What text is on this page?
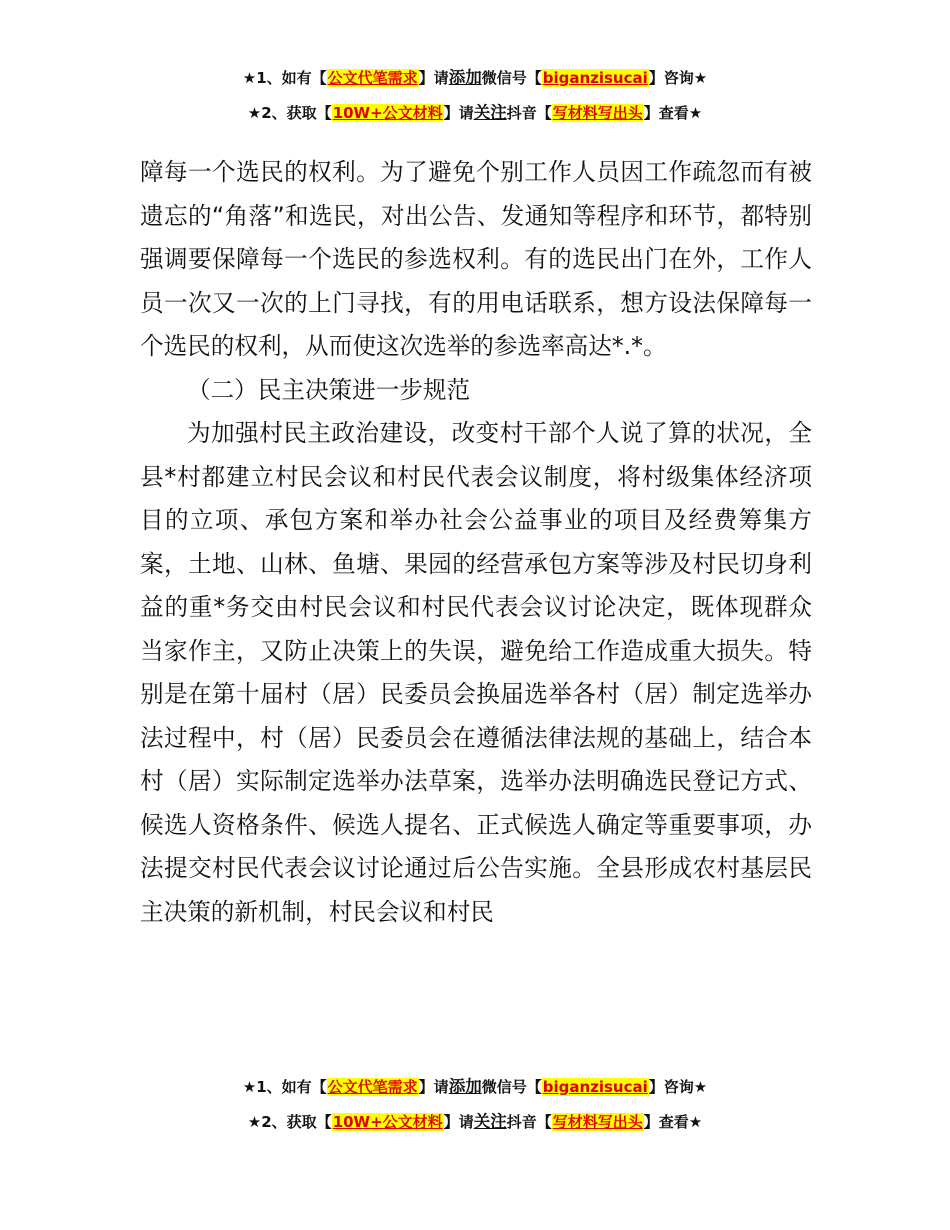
★1、如有【公文代笔需求】请添加微信号【biganzisucai】咨询★
★2、获取【10W+公文材料】请关注抖音【写材料写出头】查看★

障每一个选民的权利。为了避免个别工作人员因工作疏忽而有被遗忘的“角落”和选民，对出公告、发通知等程序和环节，都特别强调要保障每一个选民的参选权利。有的选民出门在外，工作人员一次又一次的上门寻找，有的用电话联系，想方设法保障每一个选民的权利，从而使这次选举的参选率高达*.*。

（二）民主决策进一步规范

为加强村民主政治建设，改变村干部个人说了算的状况，全县*村都建立村民会议和村民代表会议制度，将村级集体经济项目的立项、承包方案和举办社会公益事业的项目及经费筹集方案，土地、山林、鱼塘、果园的经营承包方案等涉及村民切身利益的重*务交由村民会议和村民代表会议讨论决定，既体现群众当家作主，又防止决策上的失误，避免给工作造成重大损失。特别是在第十届村（居）民委员会换届选举各村（居）制定选举办法过程中，村（居）民委员会在遵循法律法规的基础上，结合本村（居）实际制定选举办法草案，选举办法明确选民登记方式、候选人资格条件、候选人提名、正式候选人确定等重要事项，办法提交村民代表会议讨论通过后公告实施。全县形成农村基层民主决策的新机制，村民会议和村民

★1、如有【公文代笔需求】请添加微信号【biganzisucai】咨询★
★2、获取【10W+公文材料】请关注抖音【写材料写出头】查看★
